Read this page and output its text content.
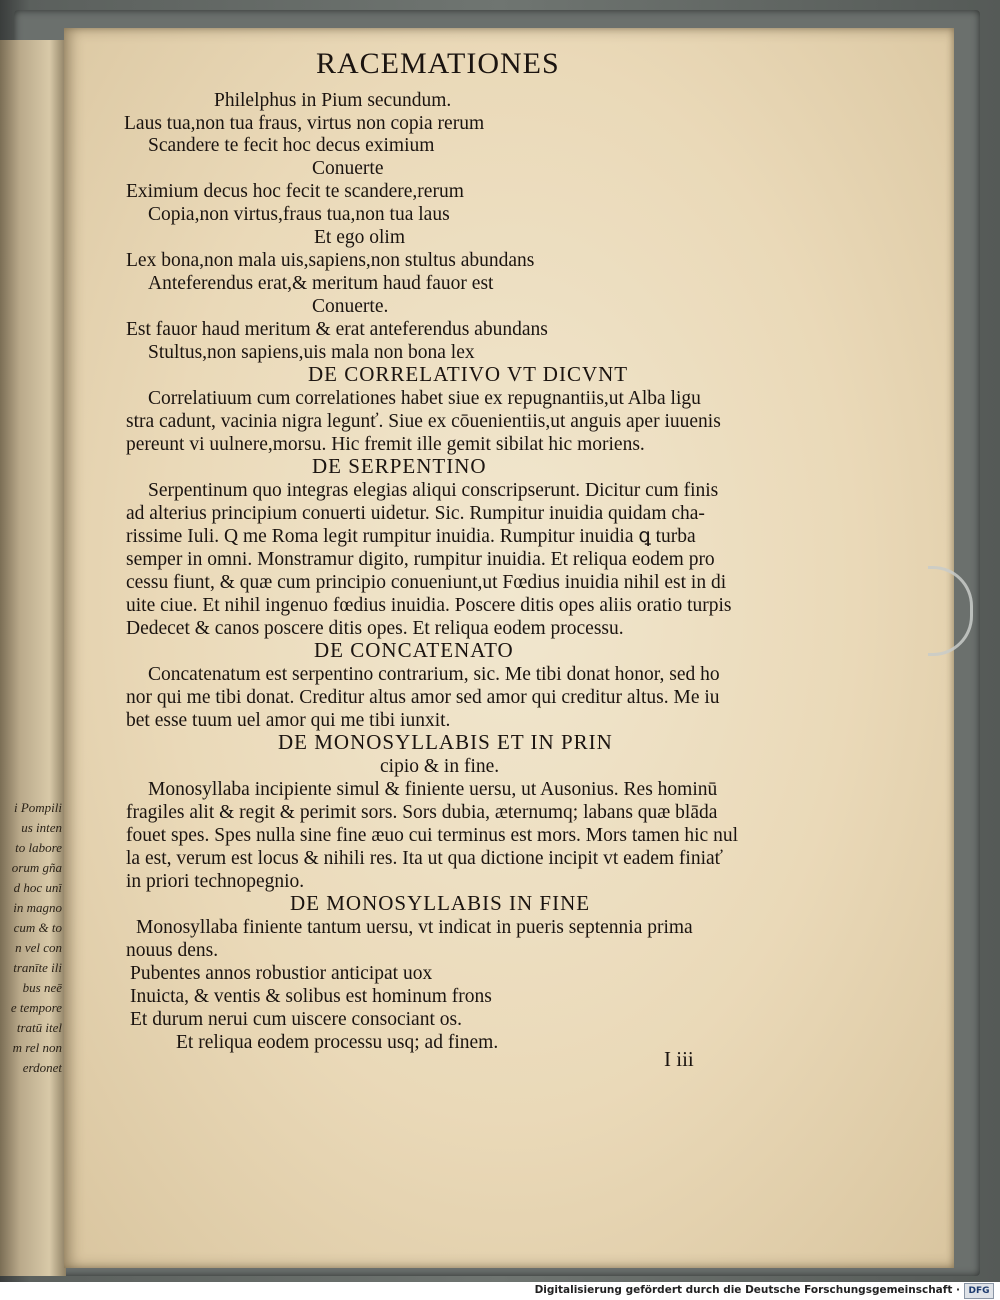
i Pompili
us inten
to labore
orum gña
d hoc unī
in magno
cum & to
n vel con
tranīte ili
bus neē
e tempore
tratū itel
m rel non
erdonet
RACEMATIONES
Philelphus in Pium secundum.
Laus tua,non tua fraus, virtus non copia rerum
Scandere te fecit hoc decus eximium
Conuerte
Eximium decus hoc fecit te scandere,rerum
Copia,non virtus,fraus tua,non tua laus
Et ego olim
Lex bona,non mala uis,sapiens,non stultus abundans
Anteferendus erat,& meritum haud fauor est
Conuerte.
Est fauor haud meritum & erat anteferendus abundans
Stultus,non sapiens,uis mala non bona lex
DE CORRELATIVO VT DICVNT
Correlatiuum cum correlationes habet siue ex repugnantiis,ut Alba ligu
stra cadunt, vacinia nigra legunť. Siue ex cōuenientiis,ut anguis aper iuuenis
pereunt vi uulnere,morsu. Hic fremit ille gemit sibilat hic moriens.
DE SERPENTINO
Serpentinum quo integras elegias aliqui conscripserunt. Dicitur cum finis
ad alterius principium conuerti uidetur. Sic. Rumpitur inuidia quidam cha-
rissime Iuli. Q me Roma legit rumpitur inuidia. Rumpitur inuidia ꝗ turba
semper in omni. Monstramur digito, rumpitur inuidia. Et reliqua eodem pro
cessu fiunt, & quæ cum principio conueniunt,ut Fœdius inuidia nihil est in di
uite ciue. Et nihil ingenuo fœdius inuidia. Poscere ditis opes aliis oratio turpis
Dedecet & canos poscere ditis opes. Et reliqua eodem processu.
DE CONCATENATO
Concatenatum est serpentino contrarium, sic. Me tibi donat honor, sed ho
nor qui me tibi donat. Creditur altus amor sed amor qui creditur altus. Me iu
bet esse tuum uel amor qui me tibi iunxit.
DE MONOSYLLABIS ET IN PRIN
cipio & in fine.
Monosyllaba incipiente simul & finiente uersu, ut Ausonius. Res hominū
fragiles alit & regit & perimit sors. Sors dubia, æternumq; labans quæ blāda
fouet spes. Spes nulla sine fine æuo cui terminus est mors. Mors tamen hic nul
la est, verum est locus & nihili res. Ita ut qua dictione incipit vt eadem finiať
in priori technopegnio.
DE MONOSYLLABIS IN FINE
Monosyllaba finiente tantum uersu, vt indicat in pueris septennia prima
nouus dens.
Pubentes annos robustior anticipat uox
Inuicta, & ventis & solibus est hominum frons
Et durum nerui cum uiscere consociant os.
Et reliqua eodem processu usq; ad finem.
I iii
Digitalisierung gefördert durch die Deutsche Forschungsgemeinschaft · DFG
